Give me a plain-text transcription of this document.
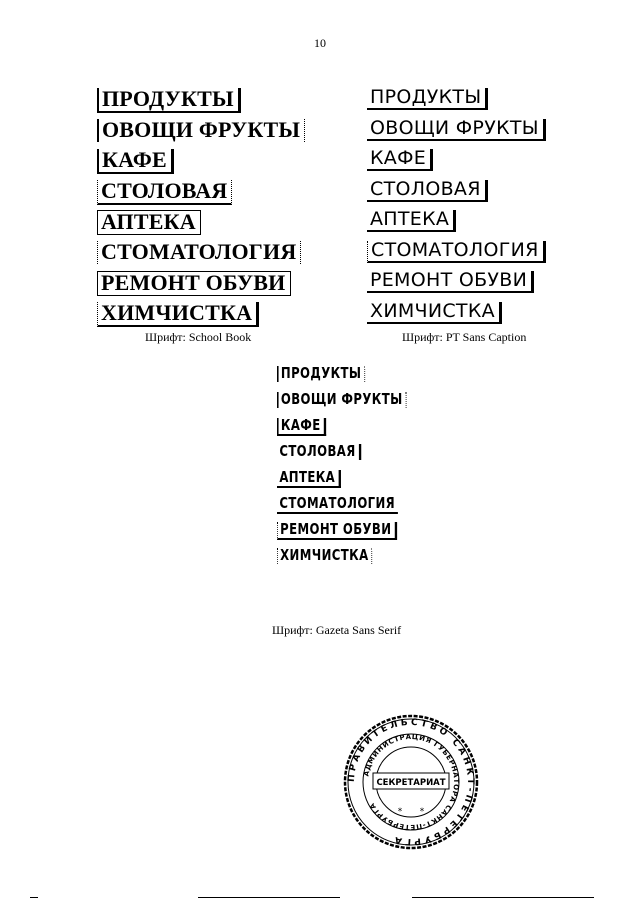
10
ПРОДУКТЫ
ОВОЩИ ФРУКТЫ
КАФЕ
СТОЛОВАЯ
АПТЕКА
СТОМАТОЛОГИЯ
РЕМОНТ ОБУВИ
ХИМЧИСТКА
Шрифт: School Book
ПРОДУКТЫ
ОВОЩИ ФРУКТЫ
КАФЕ
СТОЛОВАЯ
АПТЕКА
СТОМАТОЛОГИЯ
РЕМОНТ ОБУВИ
ХИМЧИСТКА
Шрифт: PT Sans Caption
ПРОДУКТЫ
ОВОЩИ ФРУКТЫ
КАФЕ
СТОЛОВАЯ
АПТЕКА
СТОМАТОЛОГИЯ
РЕМОНТ ОБУВИ
ХИМЧИСТКА
Шрифт: Gazeta Sans Serif
ПРАВИТЕЛЬСТВО САНКТ-ПЕТЕРБУРГА
АДМИНИСТРАЦИЯ ГУБЕРНАТОРА САНКТ-ПЕТЕРБУРГА
СЕКРЕТАРИАТ
* *
